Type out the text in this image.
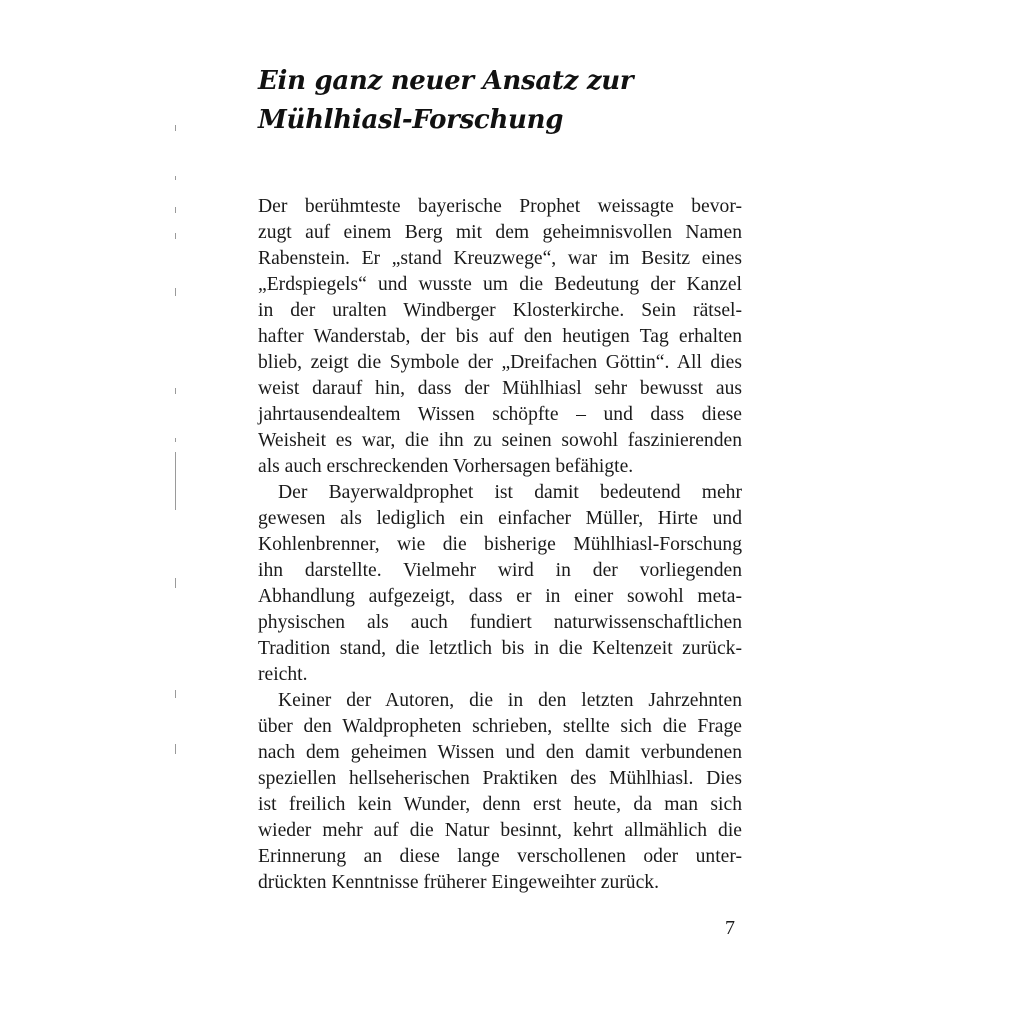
Ein ganz neuer Ansatz zur
Mühlhiasl-Forschung
Der berühmteste bayerische Prophet weissagte bevor-
zugt auf einem Berg mit dem geheimnisvollen Namen
Rabenstein. Er „stand Kreuzwege“, war im Besitz eines
„Erdspiegels“ und wusste um die Bedeutung der Kanzel
in der uralten Windberger Klosterkirche. Sein rätsel-
hafter Wanderstab, der bis auf den heutigen Tag erhalten
blieb, zeigt die Symbole der „Dreifachen Göttin“. All dies
weist darauf hin, dass der Mühlhiasl sehr bewusst aus
jahrtausendealtem Wissen schöpfte – und dass diese
Weisheit es war, die ihn zu seinen sowohl faszinierenden
als auch erschreckenden Vorhersagen befähigte.
Der Bayerwaldprophet ist damit bedeutend mehr
gewesen als lediglich ein einfacher Müller, Hirte und
Kohlenbrenner, wie die bisherige Mühlhiasl-Forschung
ihn darstellte. Vielmehr wird in der vorliegenden
Abhandlung aufgezeigt, dass er in einer sowohl meta-
physischen als auch fundiert naturwissenschaftlichen
Tradition stand, die letztlich bis in die Keltenzeit zurück-
reicht.
Keiner der Autoren, die in den letzten Jahrzehnten
über den Waldpropheten schrieben, stellte sich die Frage
nach dem geheimen Wissen und den damit verbundenen
speziellen hellseherischen Praktiken des Mühlhiasl. Dies
ist freilich kein Wunder, denn erst heute, da man sich
wieder mehr auf die Natur besinnt, kehrt allmählich die
Erinnerung an diese lange verschollenen oder unter-
drückten Kenntnisse früherer Eingeweihter zurück.
7
